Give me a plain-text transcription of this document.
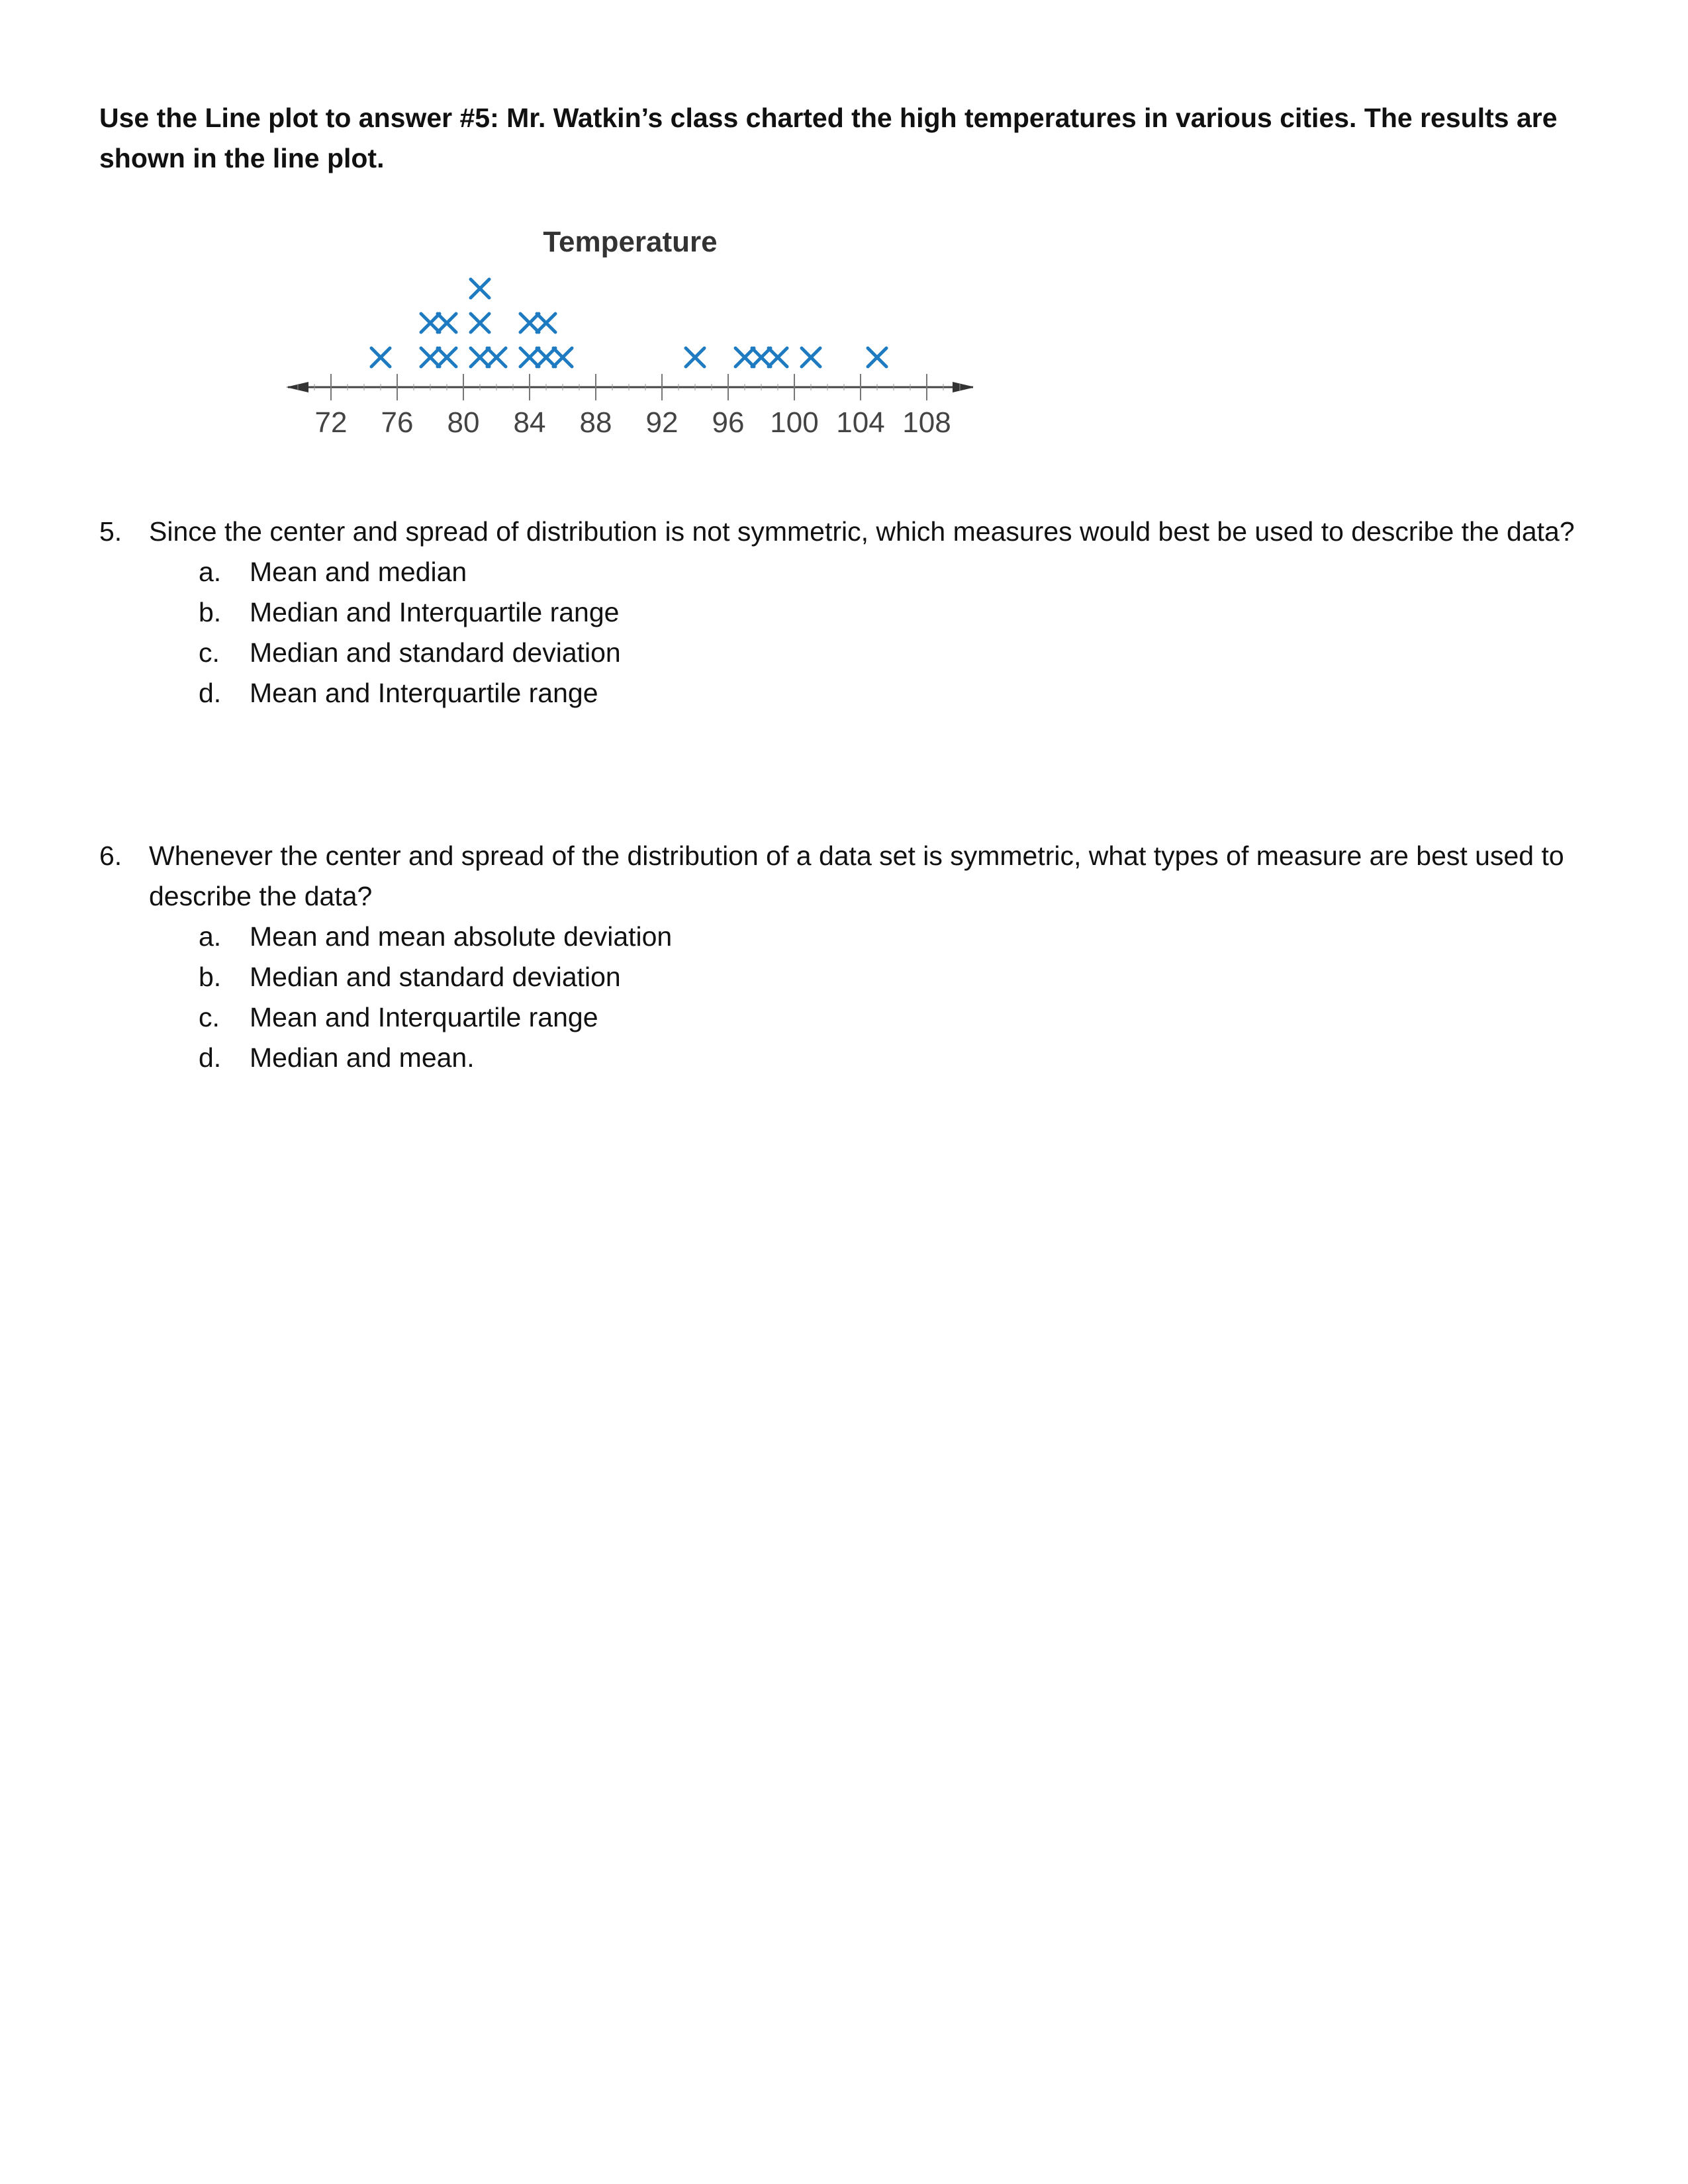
Use the Line plot to answer #5: Mr. Watkin’s class charted the high temperatures in various cities. The results are shown in the line plot.
Temperature
72 76 80 84 88 92 96 100 104 108
5. Since the center and spread of distribution is not symmetric, which measures would best be used to describe the data?
a.	Mean and median
b.	Median and Interquartile range
c.	Median and standard deviation
d.	Mean and Interquartile range
6. Whenever the center and spread of the distribution of a data set is symmetric, what types of measure are best used to describe the data?
a.	Mean and mean absolute deviation
b.	Median and standard deviation
c.	Mean and Interquartile range
d.	Median and mean.
